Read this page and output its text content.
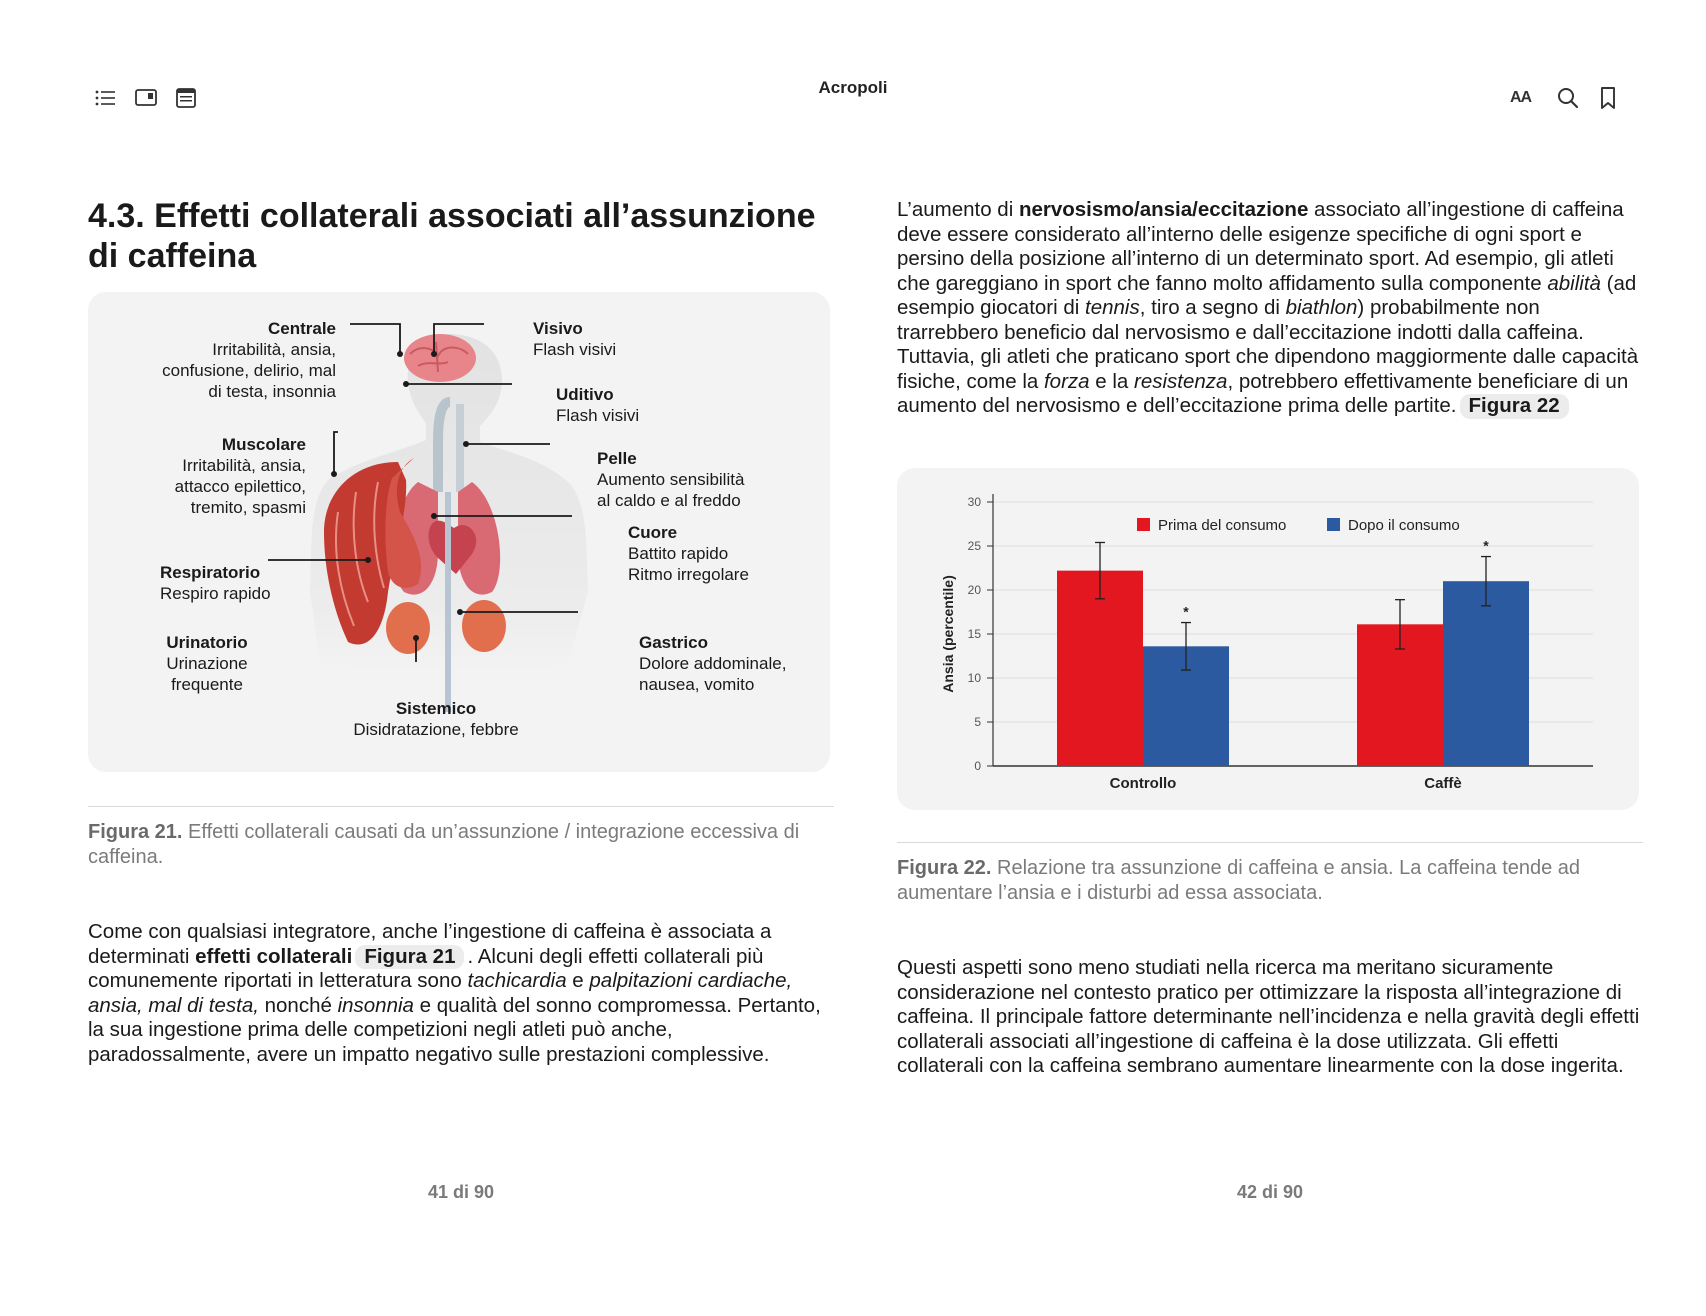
Acropoli
AA
4.3. Effetti collaterali associati all’assunzione di caffeina
Centrale
Irritabilità, ansia,
confusione, delirio, mal
di testa, insonnia
Visivo
Flash visivi
Uditivo
Flash visivi
Muscolare
Irritabilità, ansia,
attacco epilettico,
tremito, spasmi
Pelle
Aumento sensibilità
al caldo e al freddo
Cuore
Battito rapido
Ritmo irregolare
Respiratorio
Respiro rapido
Urinatorio
Urinazione
frequente
Gastrico
Dolore addominale,
nausea, vomito
Sistemico
Disidratazione, febbre
Figura 21. Effetti collaterali causati da un’assunzione / integrazione eccessiva di caffeina.
Come con qualsiasi integratore, anche l’ingestione di caffeina è associata a determinati effetti collaterali Figura 21 . Alcuni degli effetti collaterali più comunemente riportati in letteratura sono tachicardia e palpitazioni cardiache, ansia, mal di testa, nonché insonnia e qualità del sonno compromessa. Pertanto, la sua ingestione prima delle competizioni negli atleti può anche, paradossalmente, avere un impatto negativo sulle prestazioni complessive.
41 di 90
L’aumento di nervosismo/ansia/eccitazione associato all’ingestione di caffeina deve essere considerato all’interno delle esigenze specifiche di ogni sport e persino della posizione all’interno di un determinato sport. Ad esempio, gli atleti che gareggiano in sport che fanno molto affidamento sulla componente abilità (ad esempio giocatori di tennis, tiro a segno di biathlon) probabilmente non trarrebbero beneficio dal nervosismo e dall’eccitazione indotti dalla caffeina. Tuttavia, gli atleti che praticano sport che dipendono maggiormente dalle capacità fisiche, come la forza e la resistenza, potrebbero effettivamente beneficiare di un aumento del nervosismo e dell’eccitazione prima delle partite. Figura 22
0
5
10
15
20
25
30
Ansia (percentile)	*
Controllo
*
Caffè
Prima del consumo	Dopo il consumo
Figura 22. Relazione tra assunzione di caffeina e ansia. La caffeina tende ad aumentare l’ansia e i disturbi ad essa associata.
Questi aspetti sono meno studiati nella ricerca ma meritano sicuramente considerazione nel contesto pratico per ottimizzare la risposta all’integrazione di caffeina. Il principale fattore determinante nell’incidenza e nella gravità degli effetti collaterali associati all’ingestione di caffeina è la dose utilizzata. Gli effetti collaterali con la caffeina sembrano aumentare linearmente con la dose ingerita.
42 di 90
